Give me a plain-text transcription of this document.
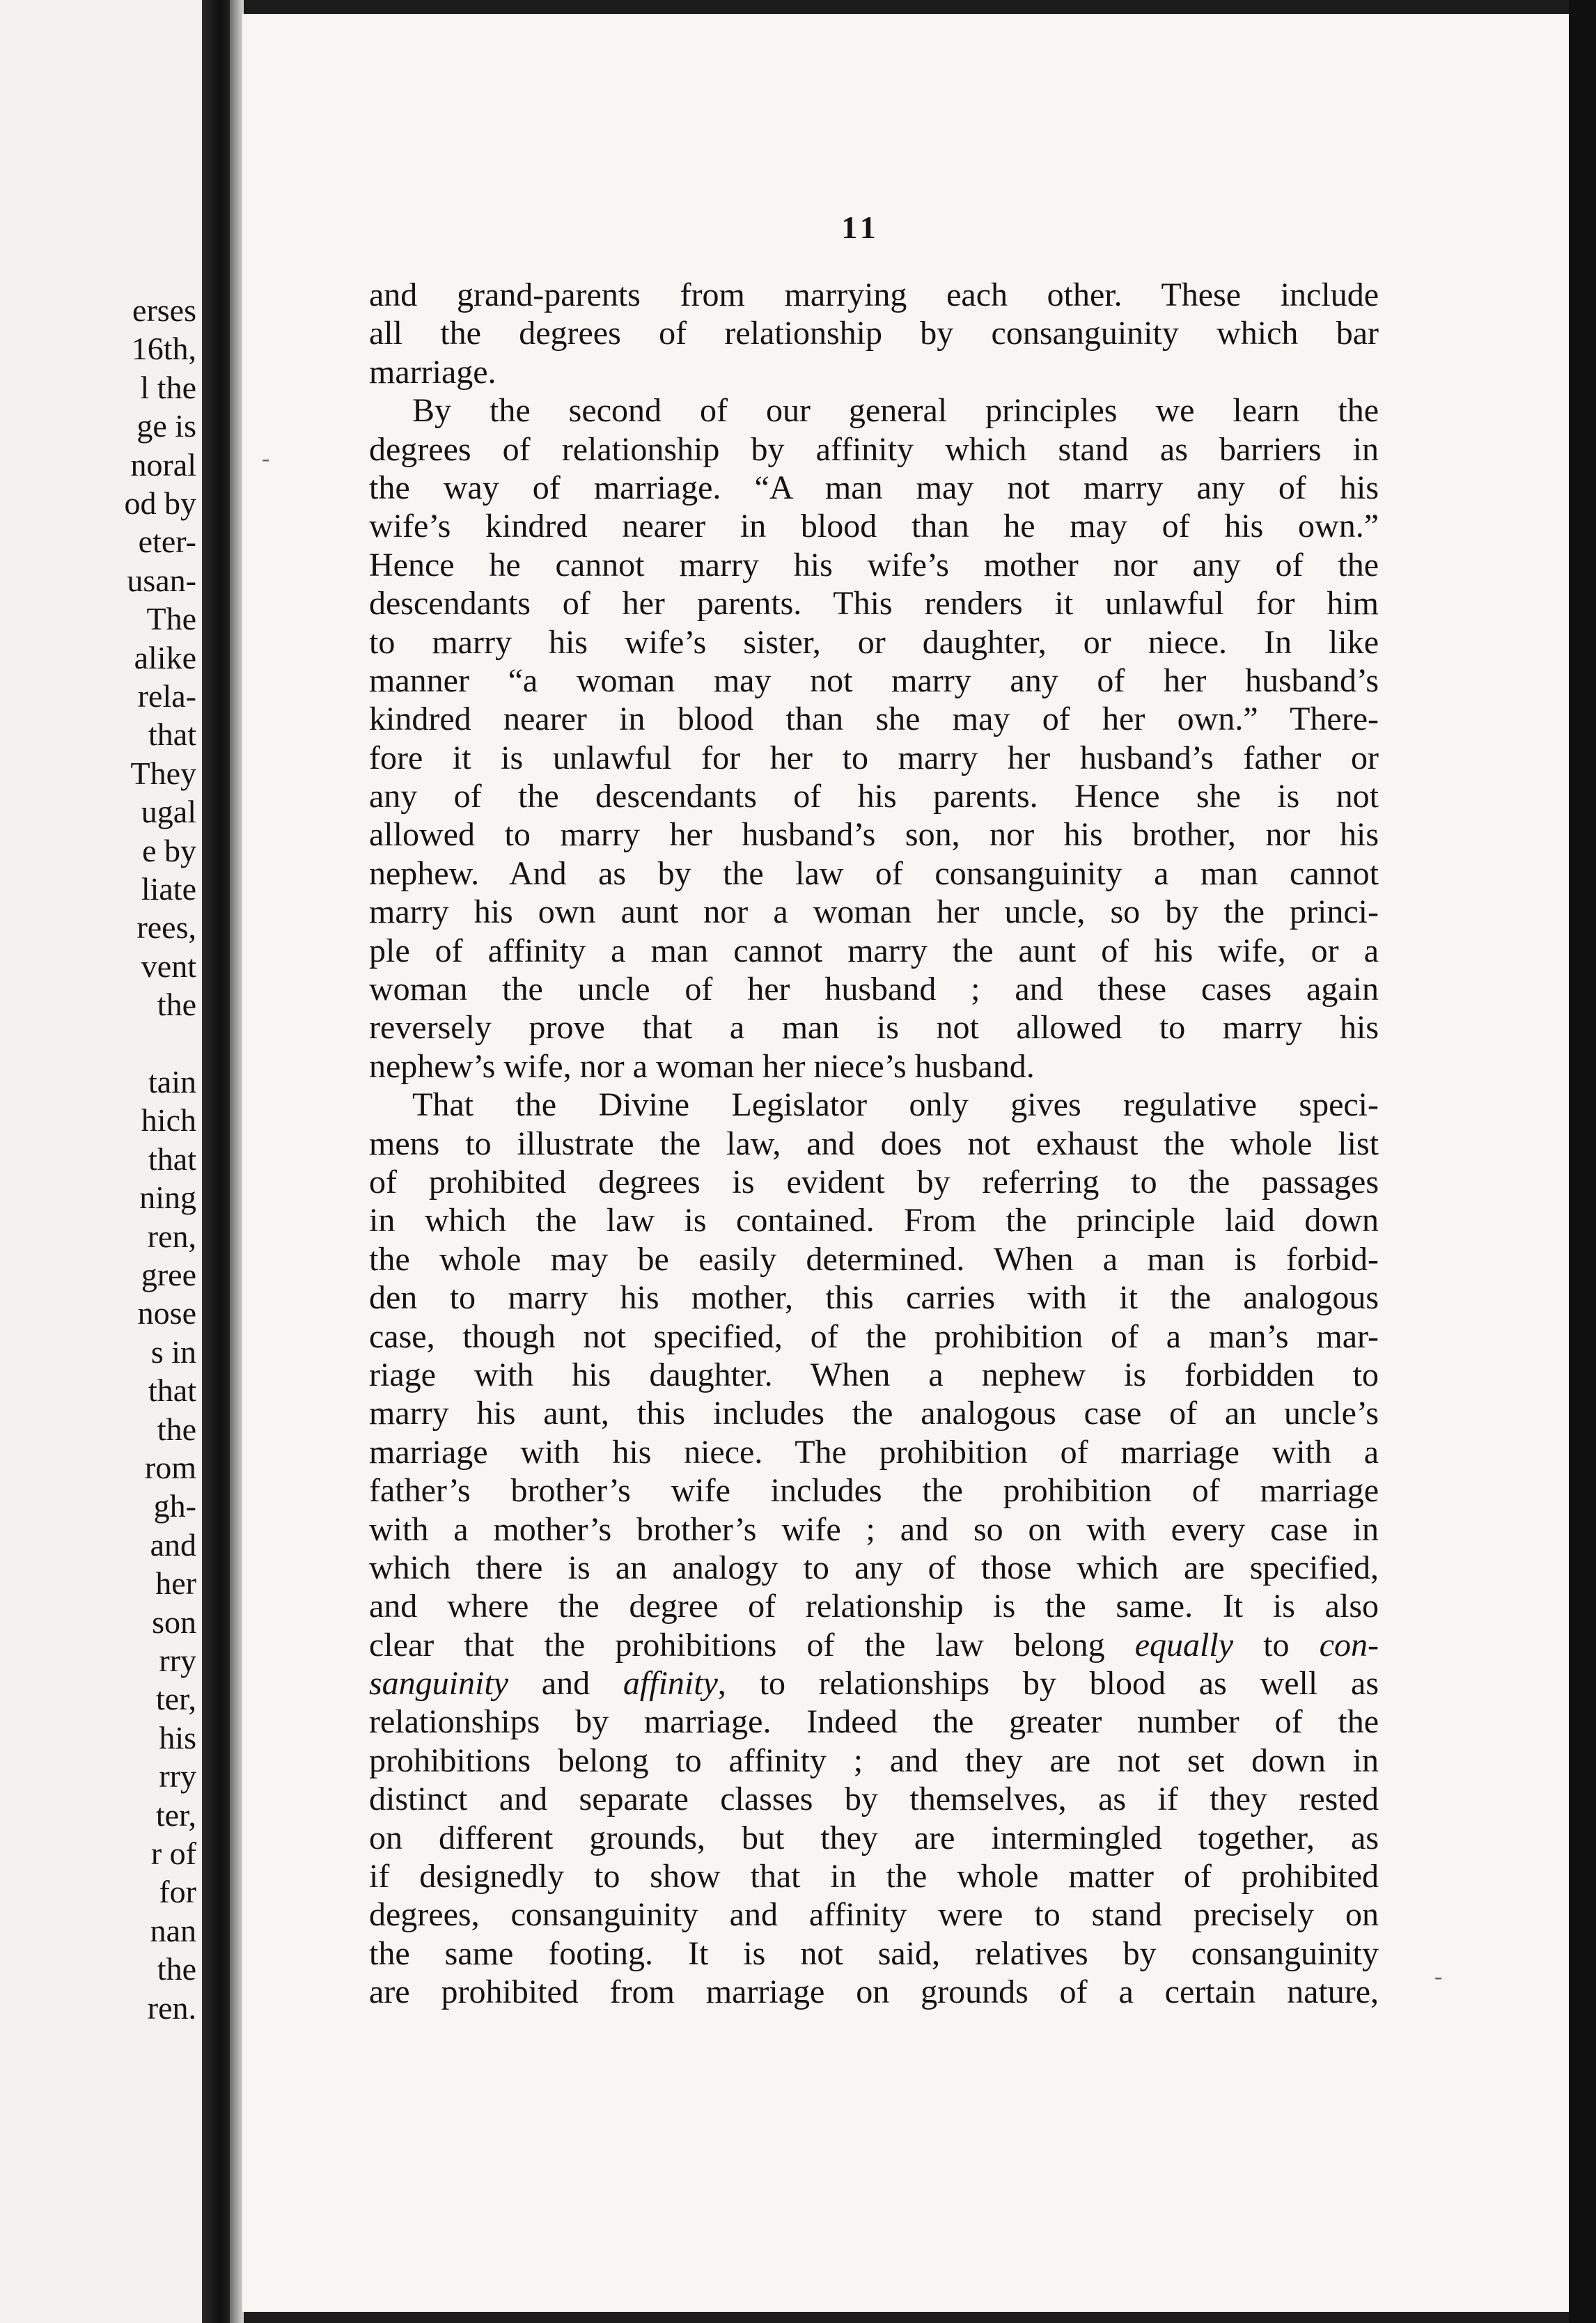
erses
16th,
l the
ge is
noral
od by
eter-
usan-
The
alike
rela-
that
They
ugal
e by
liate
rees,
vent
the
tain
hich
that
ning
ren,
gree
nose
s in
that
the
rom
gh-
and
her
son
rry
ter,
his
rry
ter,
r of
for
nan
the
ren.
11
and grand-parents from marrying each other. These include
all the degrees of relationship by consanguinity which bar
marriage.
By the second of our general principles we learn the
degrees of relationship by affinity which stand as barriers in
the way of marriage. “A man may not marry any of his
wife’s kindred nearer in blood than he may of his own.”
Hence he cannot marry his wife’s mother nor any of the
descendants of her parents. This renders it unlawful for him
to marry his wife’s sister, or daughter, or niece. In like
manner “a woman may not marry any of her husband’s
kindred nearer in blood than she may of her own.” There-
fore it is unlawful for her to marry her husband’s father or
any of the descendants of his parents. Hence she is not
allowed to marry her husband’s son, nor his brother, nor his
nephew. And as by the law of consanguinity a man cannot
marry his own aunt nor a woman her uncle, so by the princi-
ple of affinity a man cannot marry the aunt of his wife, or a
woman the uncle of her husband ; and these cases again
reversely prove that a man is not allowed to marry his
nephew’s wife, nor a woman her niece’s husband.
That the Divine Legislator only gives regulative speci-
mens to illustrate the law, and does not exhaust the whole list
of prohibited degrees is evident by referring to the passages
in which the law is contained. From the principle laid down
the whole may be easily determined. When a man is forbid-
den to marry his mother, this carries with it the analogous
case, though not specified, of the prohibition of a man’s mar-
riage with his daughter. When a nephew is forbidden to
marry his aunt, this includes the analogous case of an uncle’s
marriage with his niece. The prohibition of marriage with a
father’s brother’s wife includes the prohibition of marriage
with a mother’s brother’s wife ; and so on with every case in
which there is an analogy to any of those which are specified,
and where the degree of relationship is the same. It is also
clear that the prohibitions of the law belong equally to con-
sanguinity and affinity, to relationships by blood as well as
relationships by marriage. Indeed the greater number of the
prohibitions belong to affinity ; and they are not set down in
distinct and separate classes by themselves, as if they rested
on different grounds, but they are intermingled together, as
if designedly to show that in the whole matter of prohibited
degrees, consanguinity and affinity were to stand precisely on
the same footing. It is not said, relatives by consanguinity
are prohibited from marriage on grounds of a certain nature,
-
-
